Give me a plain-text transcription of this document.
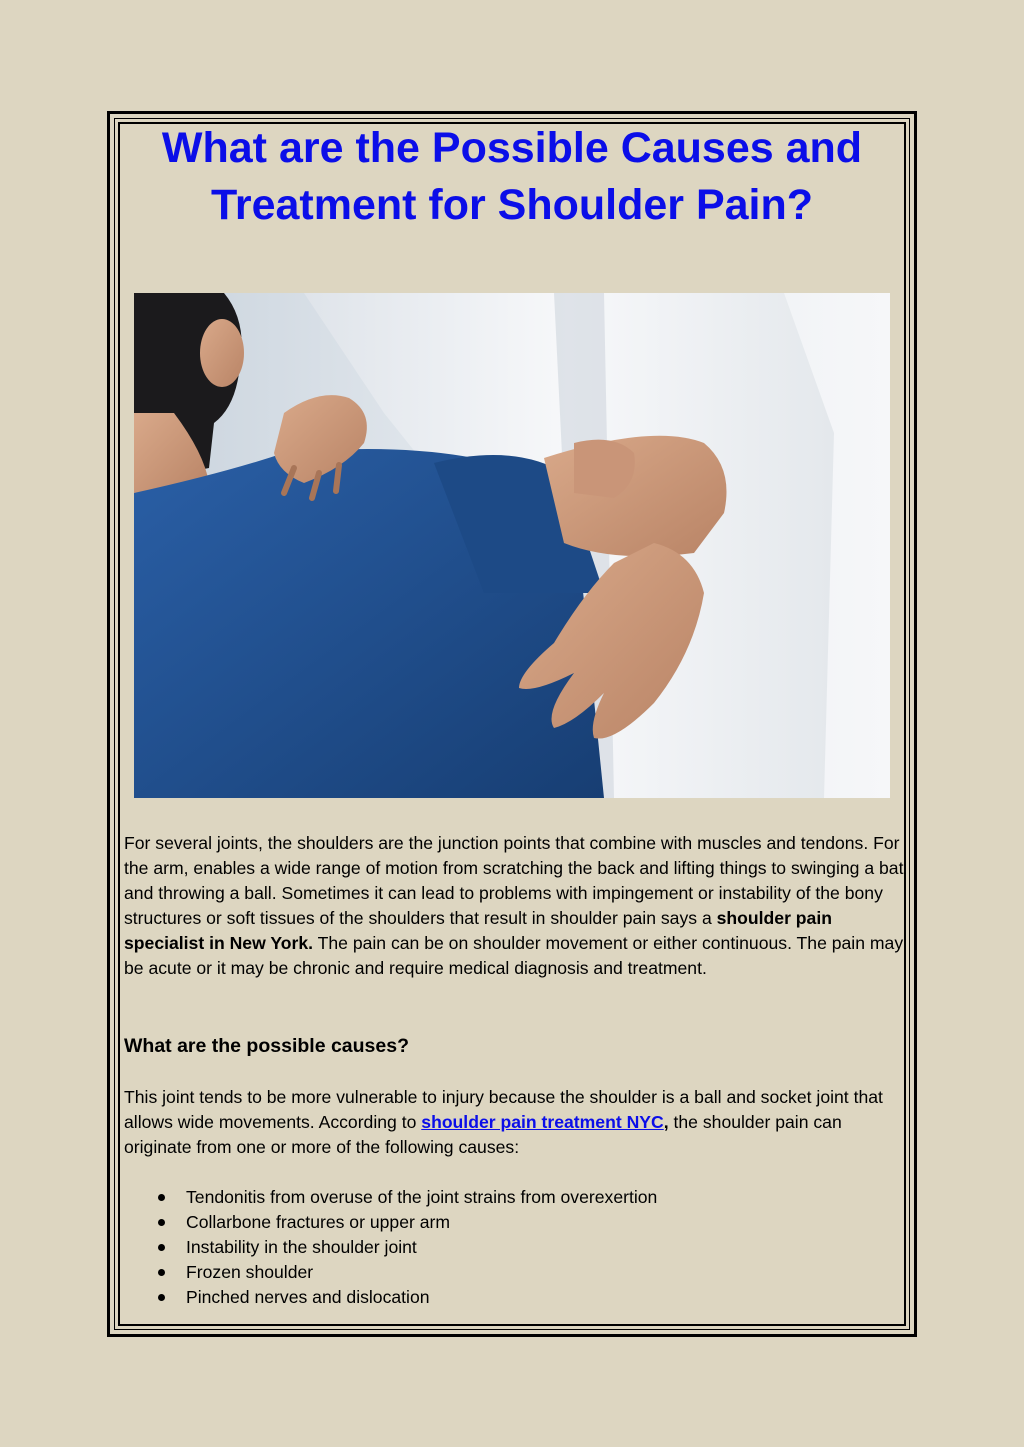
What are the Possible Causes and
Treatment for Shoulder Pain?

For several joints, the shoulders are the junction points that combine with muscles and tendons. For the arm, enables a wide range of motion from scratching the back and lifting things to swinging a bat and throwing a ball. Sometimes it can lead to problems with impingement or instability of the bony structures or soft tissues of the shoulders that result in shoulder pain says a shoulder pain specialist in New York. The pain can be on shoulder movement or either continuous. The pain may be acute or it may be chronic and require medical diagnosis and treatment.

What are the possible causes?

This joint tends to be more vulnerable to injury because the shoulder is a ball and socket joint that allows wide movements. According to shoulder pain treatment NYC, the shoulder pain can originate from one or more of the following causes:

Tendonitis from overuse of the joint strains from overexertion
Collarbone fractures or upper arm
Instability in the shoulder joint
Frozen shoulder
Pinched nerves and dislocation
